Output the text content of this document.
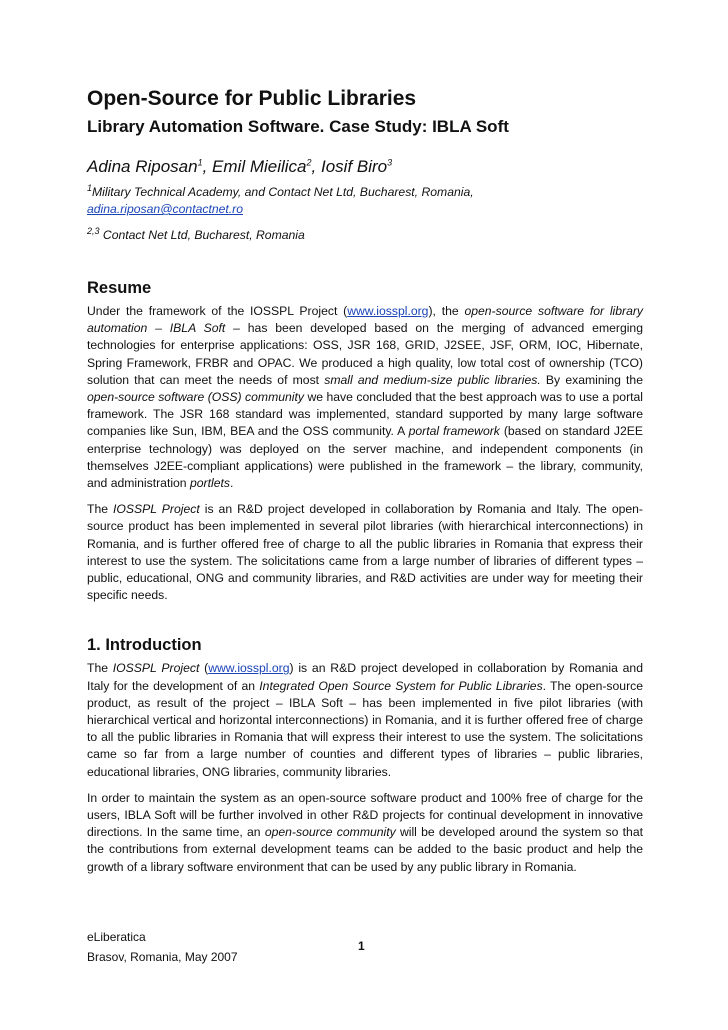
Open-Source for Public Libraries
Library Automation Software. Case Study: IBLA Soft
Adina Riposan$^1$, Emil Mieilica$^2$, Iosif Biro$^3$
$^1$Military Technical Academy, and Contact Net Ltd, Bucharest, Romania,
adina.riposan@contactnet.ro
$^{2,3}$ Contact Net Ltd, Bucharest, Romania
Resume

Under the framework of the IOSSPL Project (www.iosspl.org), the open-source software for library automation – IBLA Soft – has been developed based on the merging of advanced emerging technologies for enterprise applications: OSS, JSR 168, GRID, J2SEE, JSF, ORM, IOC, Hibernate, Spring Framework, FRBR and OPAC. We produced a high quality, low total cost of ownership (TCO) solution that can meet the needs of most small and medium-size public libraries. By examining the open-source software (OSS) community we have concluded that the best approach was to use a portal framework. The JSR 168 standard was implemented, standard supported by many large software companies like Sun, IBM, BEA and the OSS community. A portal framework (based on standard J2EE enterprise technology) was deployed on the server machine, and independent components (in themselves J2EE-compliant applications) were published in the framework – the library, community, and administration portlets.

The IOSSPL Project is an R&D project developed in collaboration by Romania and Italy. The open-source product has been implemented in several pilot libraries (with hierarchical interconnections) in Romania, and is further offered free of charge to all the public libraries in Romania that express their interest to use the system. The solicitations came from a large number of libraries of different types – public, educational, ONG and community libraries, and R&D activities are under way for meeting their specific needs.

1. Introduction

The IOSSPL Project (www.iosspl.org) is an R&D project developed in collaboration by Romania and Italy for the development of an Integrated Open Source System for Public Libraries. The open-source product, as result of the project – IBLA Soft – has been implemented in five pilot libraries (with hierarchical vertical and horizontal interconnections) in Romania, and it is further offered free of charge to all the public libraries in Romania that will express their interest to use the system. The solicitations came so far from a large number of counties and different types of libraries – public libraries, educational libraries, ONG libraries, community libraries.

In order to maintain the system as an open-source software product and 100% free of charge for the users, IBLA Soft will be further involved in other R&D projects for continual development in innovative directions. In the same time, an open-source community will be developed around the system so that the contributions from external development teams can be added to the basic product and help the growth of a library software environment that can be used by any public library in Romania.

eLiberatica
Brasov, Romania, May 2007
1
